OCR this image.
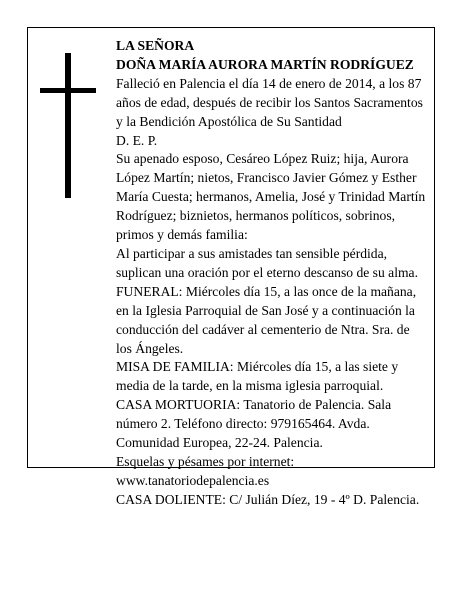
LA SEÑORA

DOÑA MARÍA AURORA MARTÍN RODRÍGUEZ

Falleció en Palencia el día 14 de enero de 2014, a los 87 años de edad, después de recibir los Santos Sacramentos y la Bendición Apostólica de Su Santidad

D. E. P.

Su apenado esposo, Cesáreo López Ruiz; hija, Aurora López Martín; nietos, Francisco Javier Gómez y Esther María Cuesta; hermanos, Amelia, José y Trinidad Martín Rodríguez; biznietos, hermanos políticos, sobrinos, primos y demás familia:

Al participar a sus amistades tan sensible pérdida, suplican una oración por el eterno descanso de su alma.

FUNERAL: Miércoles día 15, a las once de la mañana, en la Iglesia Parroquial de San José y a continuación la conducción del cadáver al cementerio de Ntra. Sra. de los Ángeles.

MISA DE FAMILIA: Miércoles día 15, a las siete y media de la tarde, en la misma iglesia parroquial.

CASA MORTUORIA: Tanatorio de Palencia. Sala número 2. Teléfono directo: 979165464. Avda. Comunidad Europea, 22-24. Palencia.

Esquelas y pésames por internet: www.tanatoriodepalencia.es

CASA DOLIENTE: C/ Julián Díez, 19 - 4º D. Palencia.
